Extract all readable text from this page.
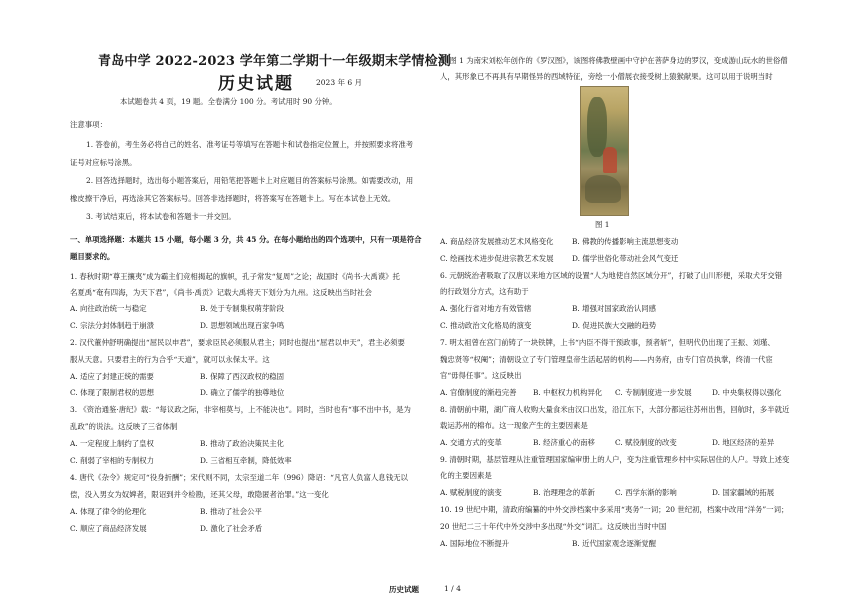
青岛中学 2022-2023 学年第二学期十一年级期末学情检测
历史试题	2023 年 6 月
本试题卷共 4 页，19 题。全卷满分 100 分。考试用时 90 分钟。
注意事项：
1. 答卷前，考生务必将自己的姓名、准考证号等填写在答题卡和试卷指定位置上，并按照要求将准考
证号对应标号涂黑。
2. 回答选择题时，选出每小题答案后，用铅笔把答题卡上对应题目的答案标号涂黑。如需要改动，用
橡皮擦干净后，再选涂其它答案标号。回答非选择题时，将答案写在答题卡上。写在本试卷上无效。
3. 考试结束后，将本试卷和答题卡一并交回。
一、单项选择题：本题共 15 小题，每小题 3 分，共 45 分。在每小题给出的四个选项中，只有一项是符合
题目要求的。
1. 春秋时期“尊王攘夷”成为霸主们竞相揭起的旗帜，孔子常发“复周”之论；战国时《尚书·大禹谟》托
名夏禹“奄有四海，为天下君”，《尚书·禹贡》记载大禹将天下划分为九州。这反映出当时社会
A. 向往政治统一与稳定	B. 处于专制集权萌芽阶段
C. 宗法分封体制趋于崩溃	D. 思想领域出现百家争鸣
2. 汉代董仲舒明确提出“屈民以申君”，要求臣民必须服从君主；同时也提出“屈君以申天”，君主必须要
服从天意。只要君主的行为合乎“天道”，就可以永保太平。这
A. 适应了封建正统的需要	B. 保障了西汉政权的稳固
C. 体现了限制君权的思想	D. 确立了儒学的独尊地位
3. 《资治通鉴·唐纪》载：“每议政之际，非宰相莫与，上不能决也”。同时，当时也有“事不出中书，是为
乱政”的说法。这反映了三省体制
A. 一定程度上制约了皇权	B. 推动了政治决策民主化
C. 削弱了宰相的专制权力	D. 三省相互牵制，降低效率
4. 唐代《杂令》规定可“役身折酬”；宋代则不同，太宗至道二年（996）降诏：“凡官人负富人息钱无以
偿，没入男女为奴婢者，限诏到并令检勘，还其父母，敢隐匿者治罪。”这一变化
A. 体现了律令的伦理化	B. 推动了社会公平
C. 顺应了商品经济发展	D. 激化了社会矛盾
5. 图 1 为南宋刘松年创作的《罗汉图》，该图将佛教壁画中守护在菩萨身边的罗汉，变成游山玩水的世俗僧
人，其形象已不再具有早期怪异的西域特征，旁绘一小僧展衣接受树上猿猴献果。这可以用于说明当时
图 1
A. 商品经济发展推动艺术风格变化 B. 佛教的传播影响主流思想变动
C. 绘画技术进步促进宗教艺术发展 D. 儒学世俗化带动社会风气变迁
6. 元朝统治者吸取了汉唐以来地方区域的设置“人为地使自然区域分开”，打破了山川形便，采取犬牙交错
的行政划分方式，这有助于
A. 强化行省对地方有效管辖	B. 增强对国家政治认同感
C. 推动政治文化格局的演变	D. 促进民族大交融的趋势
7. 明太祖曾在宫门前铸了一块铁牌，上书“内臣不得干预政事，预者斩”，但明代仍出现了王振、刘瑾、
魏忠贤等“权阉”；清朝设立了专门管理皇帝生活起居的机构——内务府，由专门官员执掌，终清一代宦
官“毋得任事”。这反映出
A. 官僚制度的渐趋完善 B. 中枢权力机构异化 C. 专制制度进一步发展	D. 中央集权得以强化
8. 清朝前中期，湖广商人收购大量食米由汉口出发，沿江东下，大部分都运往苏州出售，回航时，多半就近
载运苏州的棉布。这一现象产生的主要因素是
A. 交通方式的变革	B. 经济重心的南移	C. 赋役制度的改变	D. 地区经济的差异
9. 清朝时期，基层管理从注重管理国家编审册上的人户，变为注重管理乡村中实际居住的人户。导致上述变
化的主要因素是
A. 赋税制度的演变	B. 治理理念的革新	C. 西学东渐的影响	D. 国家疆域的拓展
10. 19 世纪中期，清政府编纂的中外交涉档案中多采用“夷务”一词；20 世纪初，档案中改用“洋务”一词；
20 世纪二三十年代中外交涉中多出现“外交”词汇。这反映出当时中国
A. 国际地位不断提升	B. 近代国家观念逐渐觉醒
历史试题	1 / 4
